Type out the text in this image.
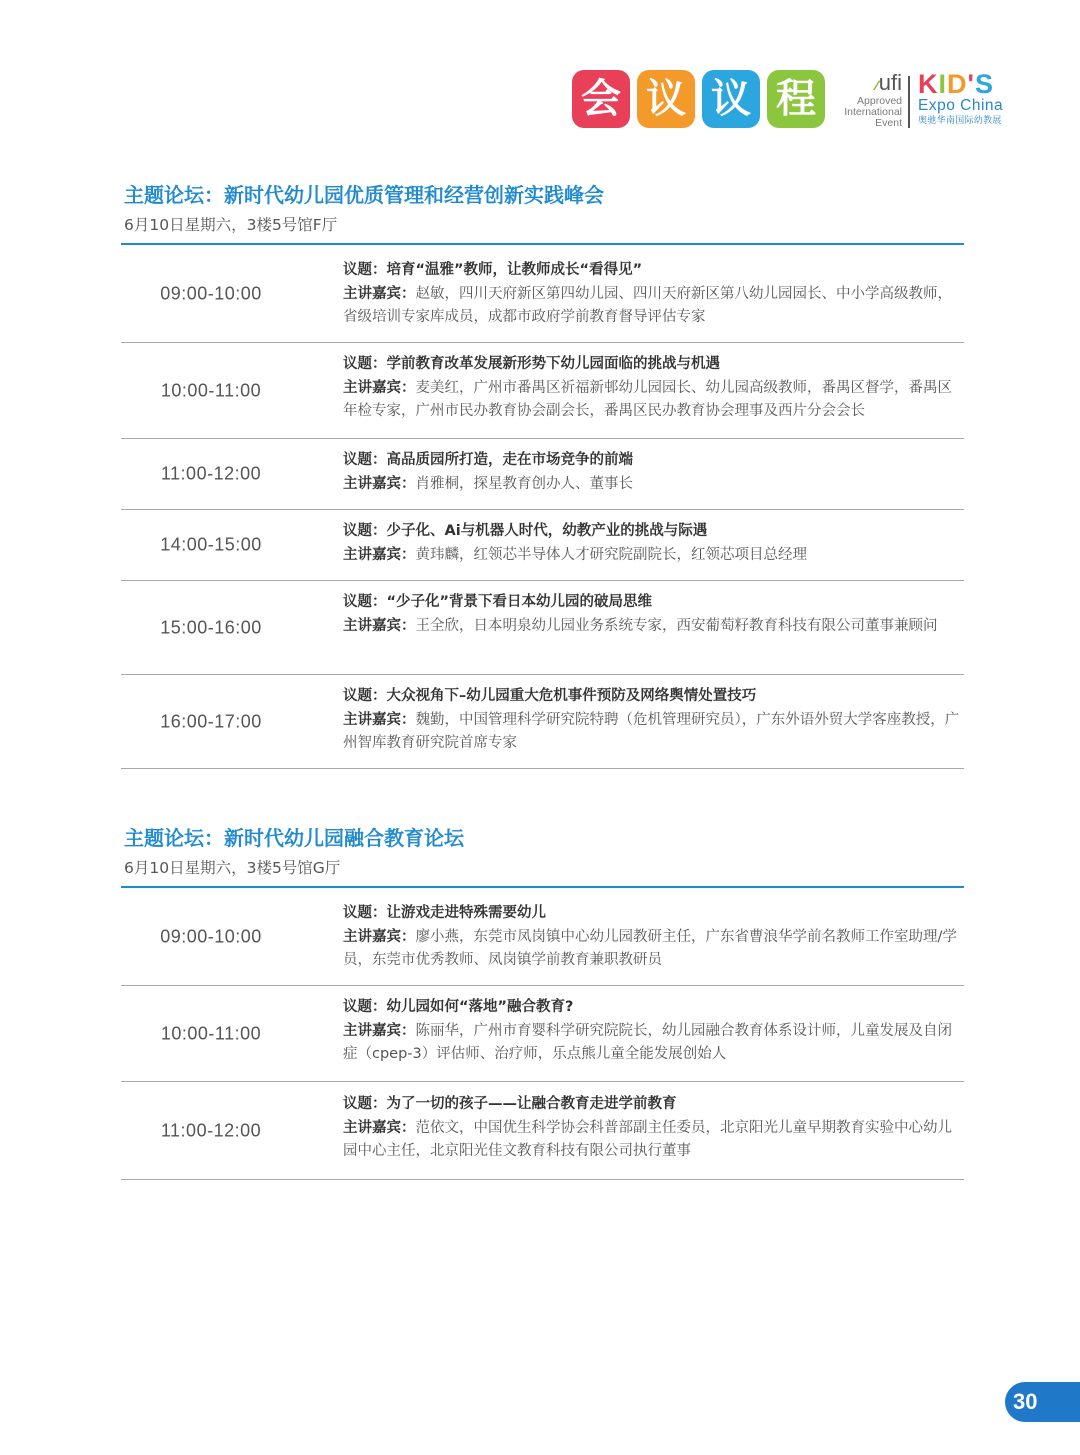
会 议 议 程	⁄⁄⁄ufi
Approved
International
Event
KID'S
Expo China
奥驰华南国际幼教展
主题论坛：新时代幼儿园优质管理和经营创新实践峰会
6月10日星期六，3楼5号馆F厅
09:00-10:00

议题：培育“温雅”教师，让教师成长“看得见”

主讲嘉宾：赵敏，四川天府新区第四幼儿园、四川天府新区第八幼儿园园长、中小学高级教师，省级培训专家库成员，成都市政府学前教育督导评估专家

10:00-11:00

议题：学前教育改革发展新形势下幼儿园面临的挑战与机遇

主讲嘉宾：麦美红，广州市番禺区祈福新邨幼儿园园长、幼儿园高级教师，番禺区督学，番禺区年检专家，广州市民办教育协会副会长，番禺区民办教育协会理事及西片分会会长

11:00-12:00

议题：高品质园所打造，走在市场竞争的前端

主讲嘉宾：肖雅桐，探星教育创办人、董事长

14:00-15:00

议题：少子化、Ai与机器人时代，幼教产业的挑战与际遇

主讲嘉宾：黄玮麟，红领芯半导体人才研究院副院长，红领芯项目总经理

15:00-16:00

议题：“少子化”背景下看日本幼儿园的破局思维

主讲嘉宾：王全欣，日本明泉幼儿园业务系统专家，西安葡萄籽教育科技有限公司董事兼顾问

16:00-17:00

议题：大众视角下–幼儿园重大危机事件预防及网络舆情处置技巧

主讲嘉宾：魏勤，中国管理科学研究院特聘（危机管理研究员），广东外语外贸大学客座教授，广州智库教育研究院首席专家

主题论坛：新时代幼儿园融合教育论坛
6月10日星期六，3楼5号馆G厅
09:00-10:00

议题：让游戏走进特殊需要幼儿

主讲嘉宾：廖小燕，东莞市凤岗镇中心幼儿园教研主任，广东省曹浪华学前名教师工作室助理/学员，东莞市优秀教师、凤岗镇学前教育兼职教研员

10:00-11:00

议题：幼儿园如何“落地”融合教育?

主讲嘉宾：陈丽华，广州市育婴科学研究院院长，幼儿园融合教育体系设计师，儿童发展及自闭症（cpep-3）评估师、治疗师，乐点熊儿童全能发展创始人

11:00-12:00

议题：为了一切的孩子——让融合教育走进学前教育

主讲嘉宾：范依文，中国优生科学协会科普部副主任委员，北京阳光儿童早期教育实验中心幼儿园中心主任，北京阳光佳文教育科技有限公司执行董事

30
